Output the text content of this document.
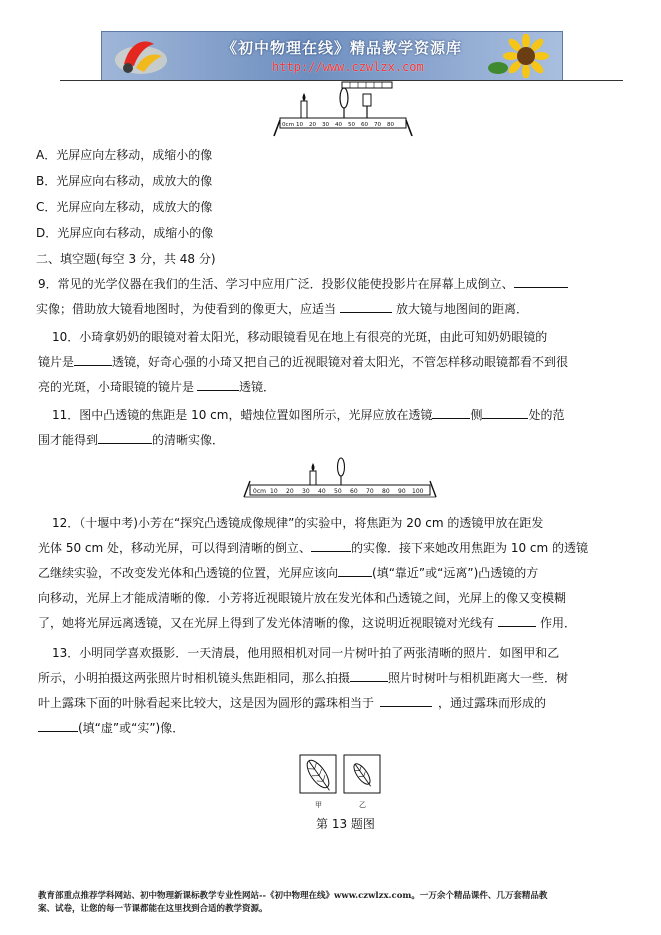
《初中物理在线》精品教学资源库
http://www.czwlzx.com
0cm 10 20 30 40 50 60 70 80
A．光屏应向左移动，成缩小的像
B．光屏应向右移动，成放大的像
C．光屏应向左移动，成放大的像
D．光屏应向右移动，成缩小的像
二、填空题(每空 3 分，共 48 分)
9．常见的光学仪器在我们的生活、学习中应用广泛．投影仪能使投影片在屏幕上成倒立、
实像；借助放大镜看地图时，为使看到的像更大，应适当	放大镜与地图间的距离．
10．小琦拿奶奶的眼镜对着太阳光，移动眼镜看见在地上有很亮的光斑，由此可知奶奶眼镜的
镜片是	透镜，好奇心强的小琦又把自己的近视眼镜对着太阳光，不管怎样移动眼镜都看不到很
亮的光斑，小琦眼镜的镜片是	透镜．
11．图中凸透镜的焦距是 10 cm，蜡烛位置如图所示，光屏应放在透镜	侧	处的范
围才能得到	的清晰实像．
0cm 10 20 30 40 50 60 70 80 90 100
12．（十堰中考)小芳在“探究凸透镜成像规律”的实验中，将焦距为 20 cm 的透镜甲放在距发
光体 50 cm 处，移动光屏，可以得到清晰的倒立、	的实像．接下来她改用焦距为 10 cm 的透镜
乙继续实验，不改变发光体和凸透镜的位置，光屏应该向	(填“靠近”或“远离”)凸透镜的方
向移动，光屏上才能成清晰的像．小芳将近视眼镜片放在发光体和凸透镜之间，光屏上的像又变模糊
了，她将光屏远离透镜，又在光屏上得到了发光体清晰的像，这说明近视眼镜对光线有	作用．
13．小明同学喜欢摄影．一天清晨，他用照相机对同一片树叶拍了两张清晰的照片．如图甲和乙
所示，小明拍摄这两张照片时相机镜头焦距相同，那么拍摄	照片时树叶与相机距离大一些．树
叶上露珠下面的叶脉看起来比较大，这是因为圆形的露珠相当于	，通过露珠而形成的
(填“虚”或“实”)像．
甲	乙
第 13 题图
教育部重点推荐学科网站、初中物理新课标教学专业性网站--《初中物理在线》www.czwlzx.com。一万余个精品课件、几万套精品教
案、试卷，让您的每一节课都能在这里找到合适的教学资源。
